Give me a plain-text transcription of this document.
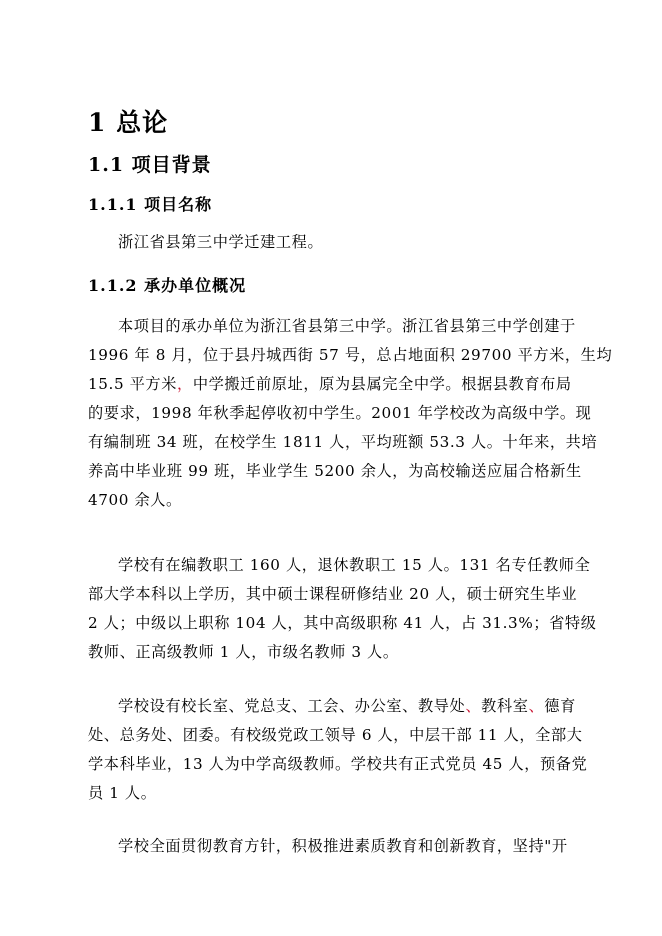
1 总论
1.1 项目背景
1.1.1 项目名称
浙江省县第三中学迁建工程。
1.1.2 承办单位概况
本项目的承办单位为浙江省县第三中学。浙江省县第三中学创建于
1996 年 8 月，位于县丹城西街 57 号，总占地面积 29700 平方米，生均
15.5 平方米，中学搬迁前原址，原为县属完全中学。根据县教育布局
的要求，1998 年秋季起停收初中学生。2001 年学校改为高级中学。现
有编制班 34 班，在校学生 1811 人，平均班额 53.3 人。十年来，共培
养高中毕业班 99 班，毕业学生 5200 余人，为高校输送应届合格新生
4700 余人。
学校有在编教职工 160 人，退休教职工 15 人。131 名专任教师全
部大学本科以上学历，其中硕士课程研修结业 20 人，硕士研究生毕业
2 人；中级以上职称 104 人，其中高级职称 41 人，占 31.3%；省特级
教师、正高级教师 1 人，市级名教师 3 人。
学校设有校长室、党总支、工会、办公室、教导处、教科室、德育
处、总务处、团委。有校级党政工领导 6 人，中层干部 11 人，全部大
学本科毕业，13 人为中学高级教师。学校共有正式党员 45 人，预备党
员 1 人。
学校全面贯彻教育方针，积极推进素质教育和创新教育，坚持"开
